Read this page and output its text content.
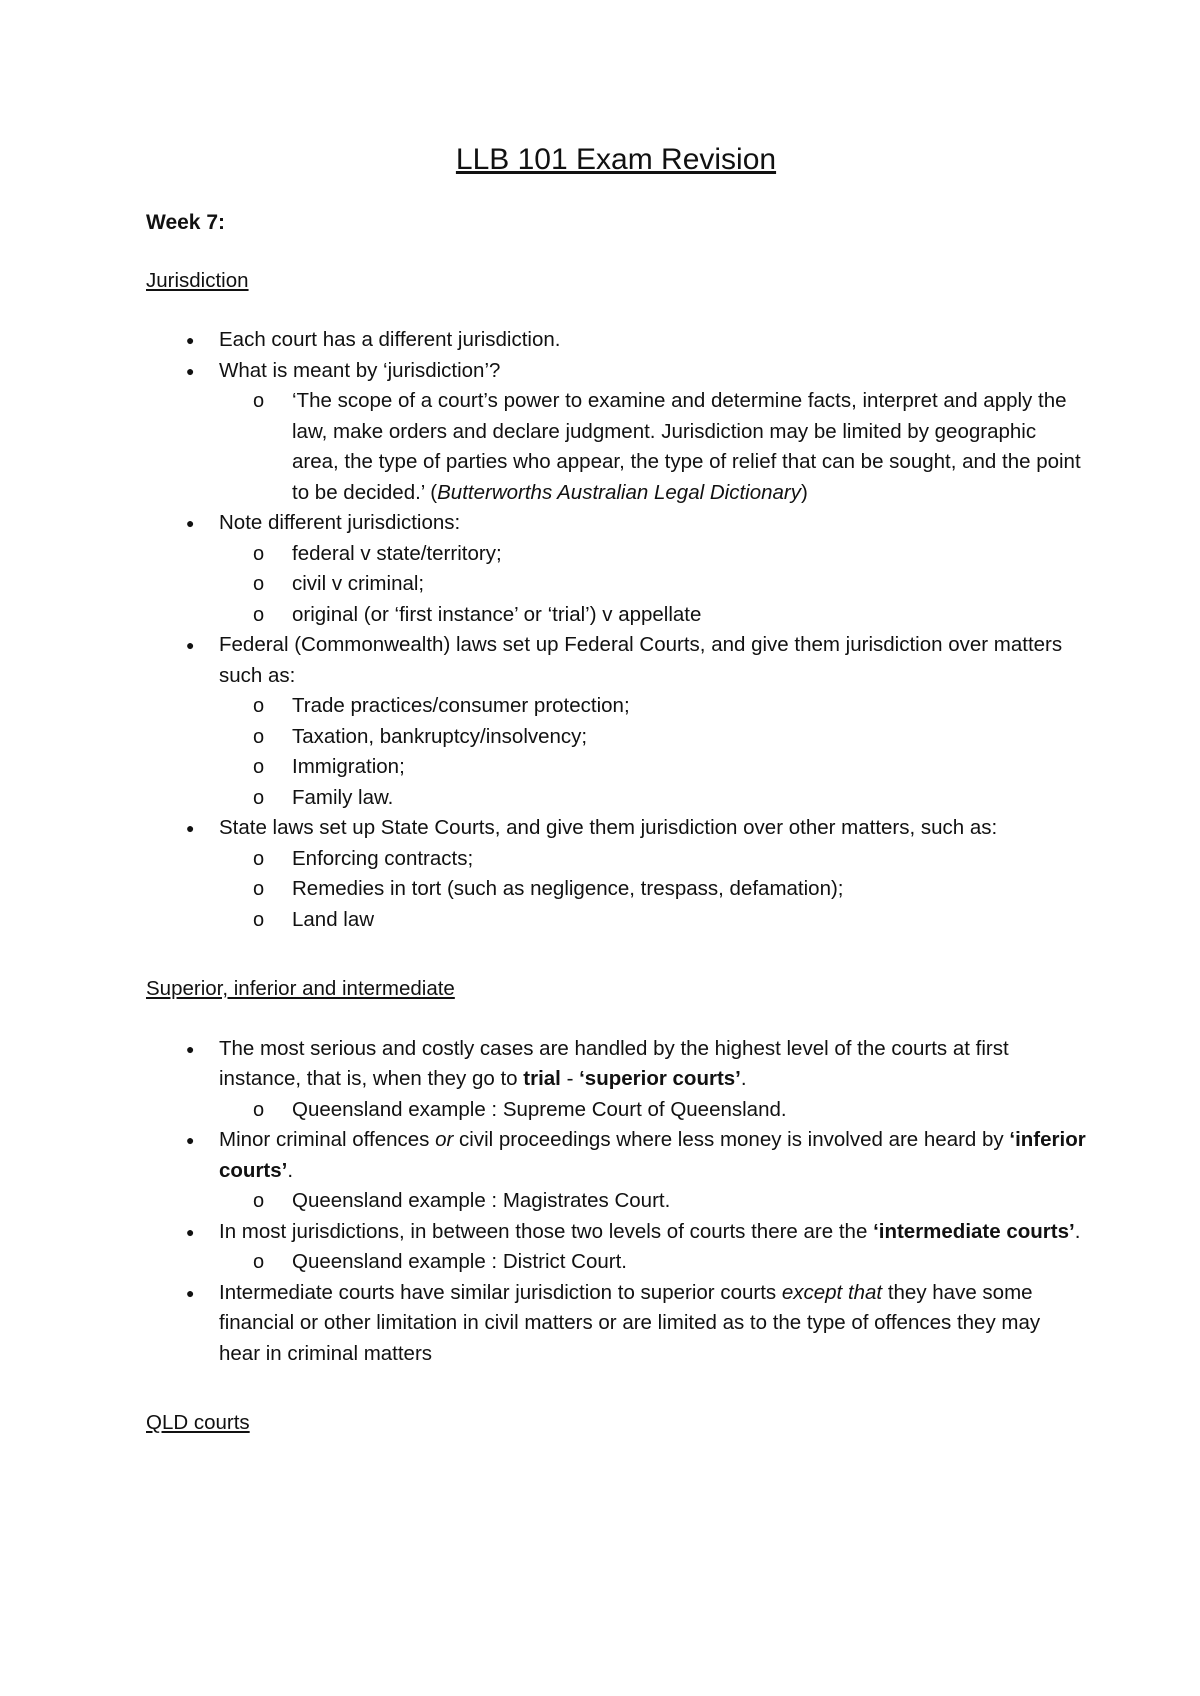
LLB 101 Exam Revision

Week 7:

Jurisdiction

● Each court has a different jurisdiction.
● What is meant by ‘jurisdiction’?
o ‘The scope of a court’s power to examine and determine facts, interpret and apply the law, make orders and declare judgment. Jurisdiction may be limited by geographic area, the type of parties who appear, the type of relief that can be sought, and the point to be decided.’ (Butterworths Australian Legal Dictionary)
● Note different jurisdictions:
o federal v state/territory;
o civil v criminal;
o original (or ‘first instance’ or ‘trial’) v appellate
● Federal (Commonwealth) laws set up Federal Courts, and give them jurisdiction over matters such as:
o Trade practices/consumer protection;
o Taxation, bankruptcy/insolvency;
o Immigration;
o Family law.
● State laws set up State Courts, and give them jurisdiction over other matters, such as:
o Enforcing contracts;
o Remedies in tort (such as negligence, trespass, defamation);
o Land law

Superior, inferior and intermediate

● The most serious and costly cases are handled by the highest level of the courts at first instance, that is, when they go to trial - ‘superior courts’.
o Queensland example : Supreme Court of Queensland.
● Minor criminal offences or civil proceedings where less money is involved are heard by ‘inferior courts’.
o Queensland example : Magistrates Court.
● In most jurisdictions, in between those two levels of courts there are the ‘intermediate courts’.
o Queensland example : District Court.
● Intermediate courts have similar jurisdiction to superior courts except that they have some financial or other limitation in civil matters or are limited as to the type of offences they may hear in criminal matters

QLD courts
